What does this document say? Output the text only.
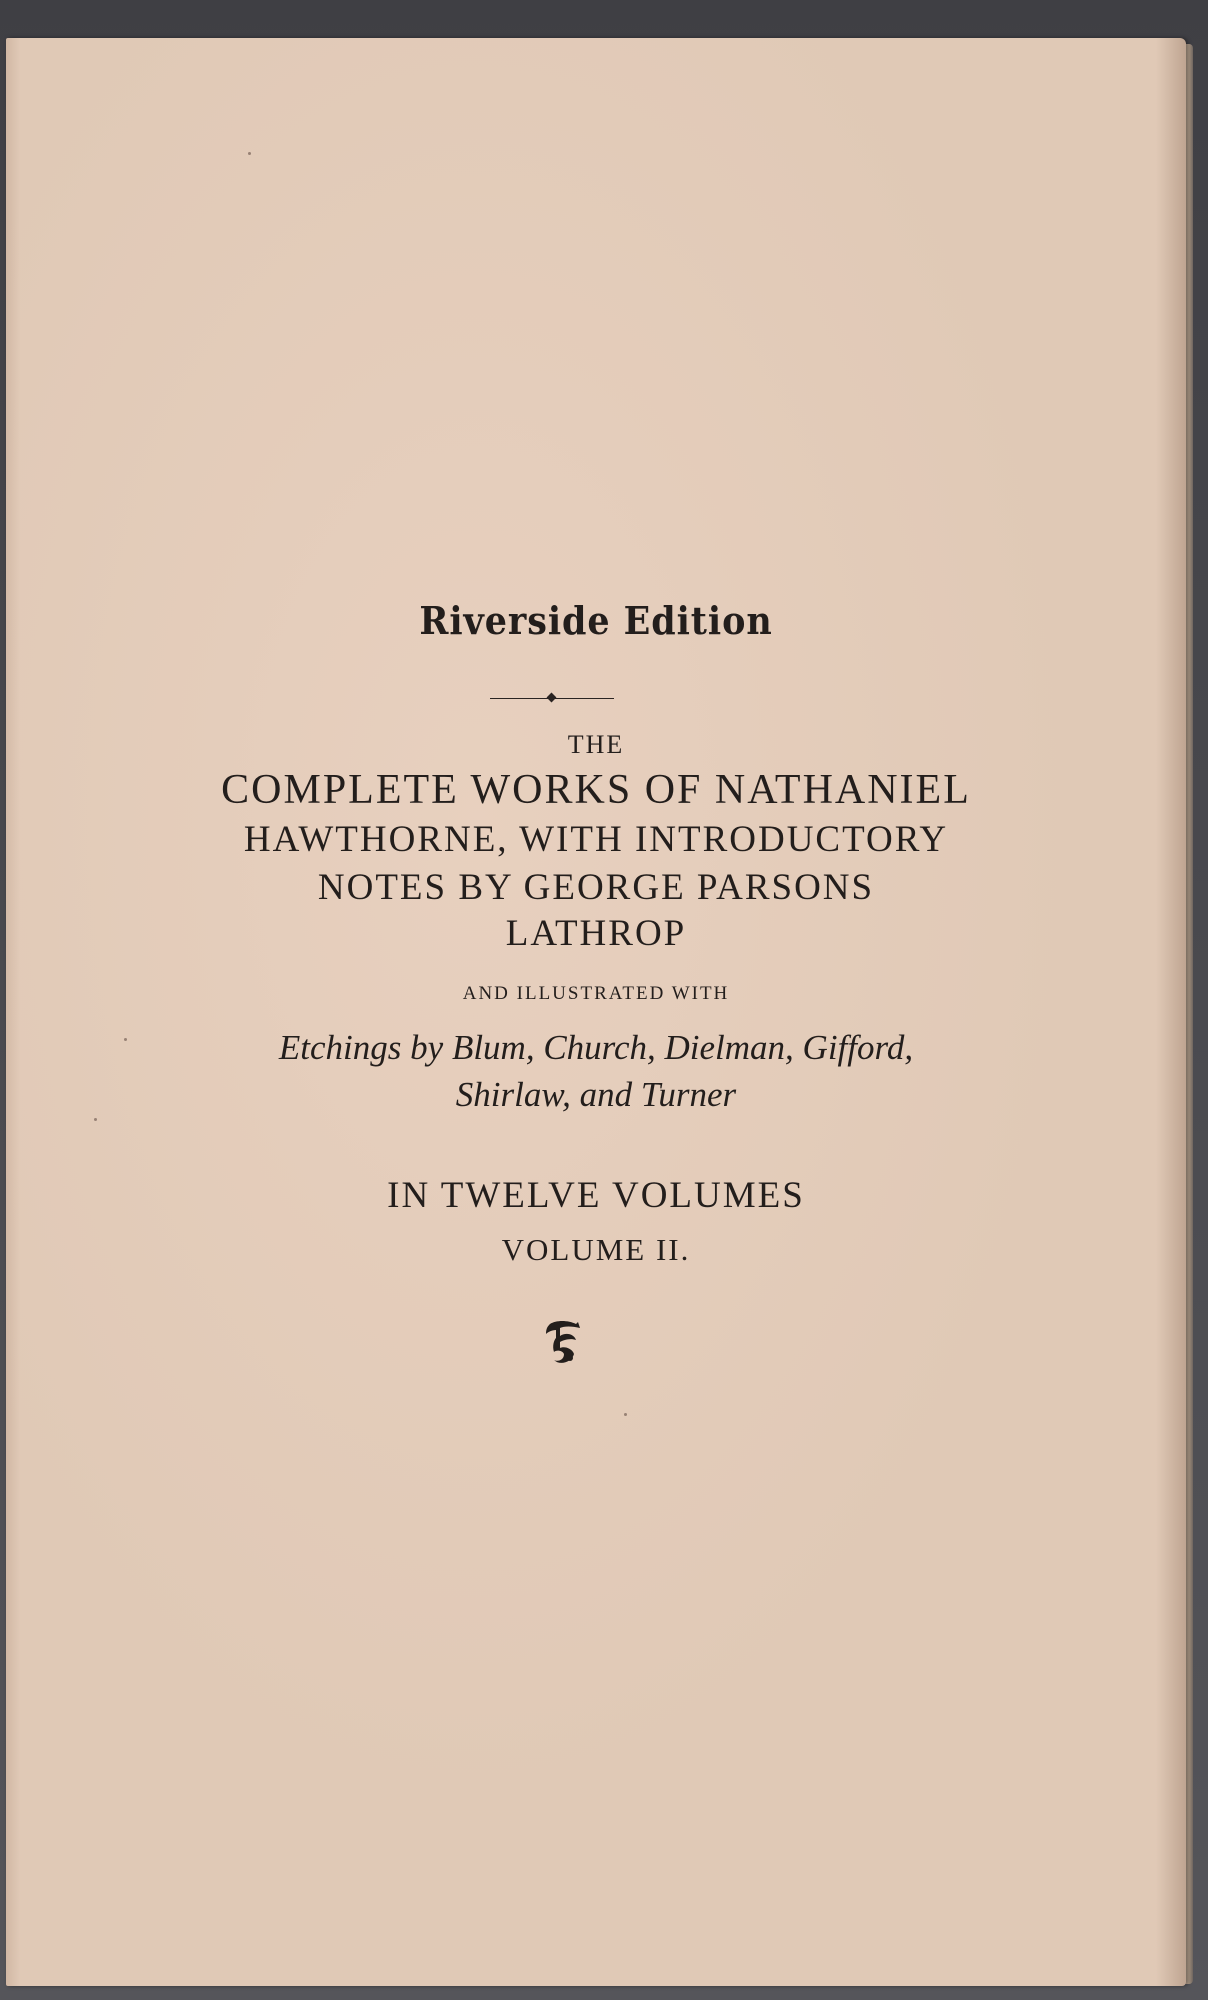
Riverside Edition
THE
COMPLETE WORKS OF NATHANIEL
HAWTHORNE, WITH INTRODUCTORY
NOTES BY GEORGE PARSONS
LATHROP
AND ILLUSTRATED WITH
Etchings by Blum, Church, Dielman, Gifford,
Shirlaw, and Turner
IN TWELVE VOLUMES
VOLUME II.
